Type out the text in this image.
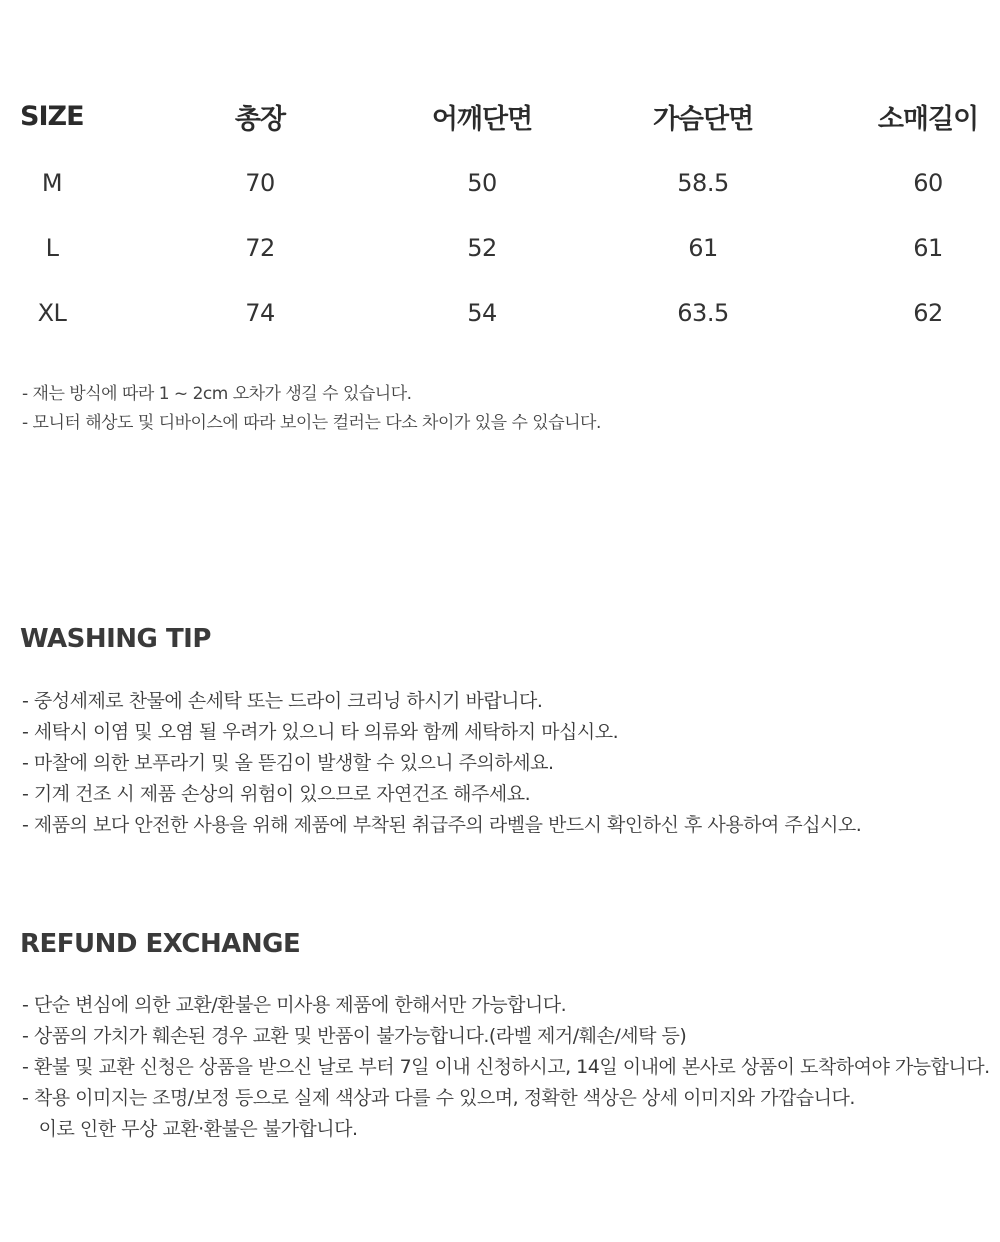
SIZE	총장	어깨단면	가슴단면	소매길이
M	70	50	58.5	60
L	72	52	61	61
XL	74	54	63.5	62
- 재는 방식에 따라 1 ~ 2cm 오차가 생길 수 있습니다.
- 모니터 해상도 및 디바이스에 따라 보이는 컬러는 다소 차이가 있을 수 있습니다.
WASHING TIP
- 중성세제로 찬물에 손세탁 또는 드라이 크리닝 하시기 바랍니다.
- 세탁시 이염 및 오염 될 우려가 있으니 타 의류와 함께 세탁하지 마십시오.
- 마찰에 의한 보푸라기 및 올 뜯김이 발생할 수 있으니 주의하세요.
- 기계 건조 시 제품 손상의 위험이 있으므로 자연건조 해주세요.
- 제품의 보다 안전한 사용을 위해 제품에 부착된 취급주의 라벨을 반드시 확인하신 후 사용하여 주십시오.
REFUND EXCHANGE
- 단순 변심에 의한 교환/환불은 미사용 제품에 한해서만 가능합니다.
- 상품의 가치가 훼손된 경우 교환 및 반품이 불가능합니다.(라벨 제거/훼손/세탁 등)
- 환불 및 교환 신청은 상품을 받으신 날로 부터 7일 이내 신청하시고, 14일 이내에 본사로 상품이 도착하여야 가능합니다.
- 착용 이미지는 조명/보정 등으로 실제 색상과 다를 수 있으며, 정확한 색상은 상세 이미지와 가깝습니다.
이로 인한 무상 교환·환불은 불가합니다.
